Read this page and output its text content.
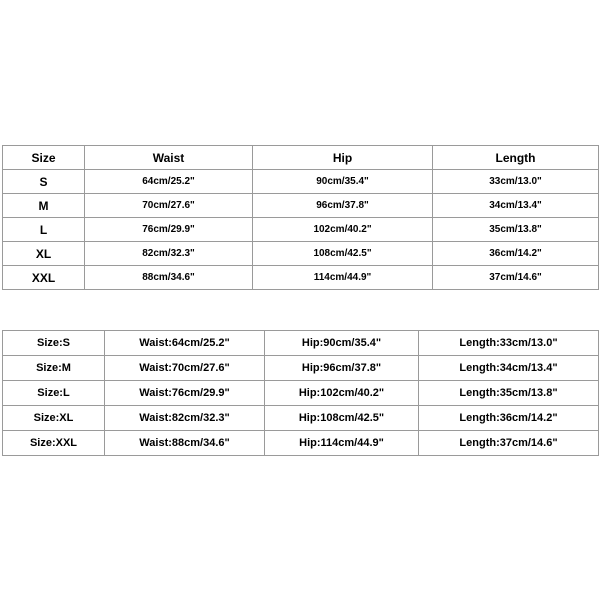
Size	Waist	Hip	Length
S	64cm/25.2"	90cm/35.4"	33cm/13.0"
M	70cm/27.6"	96cm/37.8"	34cm/13.4"
L	76cm/29.9"	102cm/40.2"	35cm/13.8"
XL	82cm/32.3"	108cm/42.5"	36cm/14.2"
XXL	88cm/34.6"	114cm/44.9"	37cm/14.6"
Size:S	Waist:64cm/25.2"	Hip:90cm/35.4"	Length:33cm/13.0"
Size:M	Waist:70cm/27.6"	Hip:96cm/37.8"	Length:34cm/13.4"
Size:L	Waist:76cm/29.9"	Hip:102cm/40.2"	Length:35cm/13.8"
Size:XL	Waist:82cm/32.3"	Hip:108cm/42.5"	Length:36cm/14.2"
Size:XXL	Waist:88cm/34.6"	Hip:114cm/44.9"	Length:37cm/14.6"
